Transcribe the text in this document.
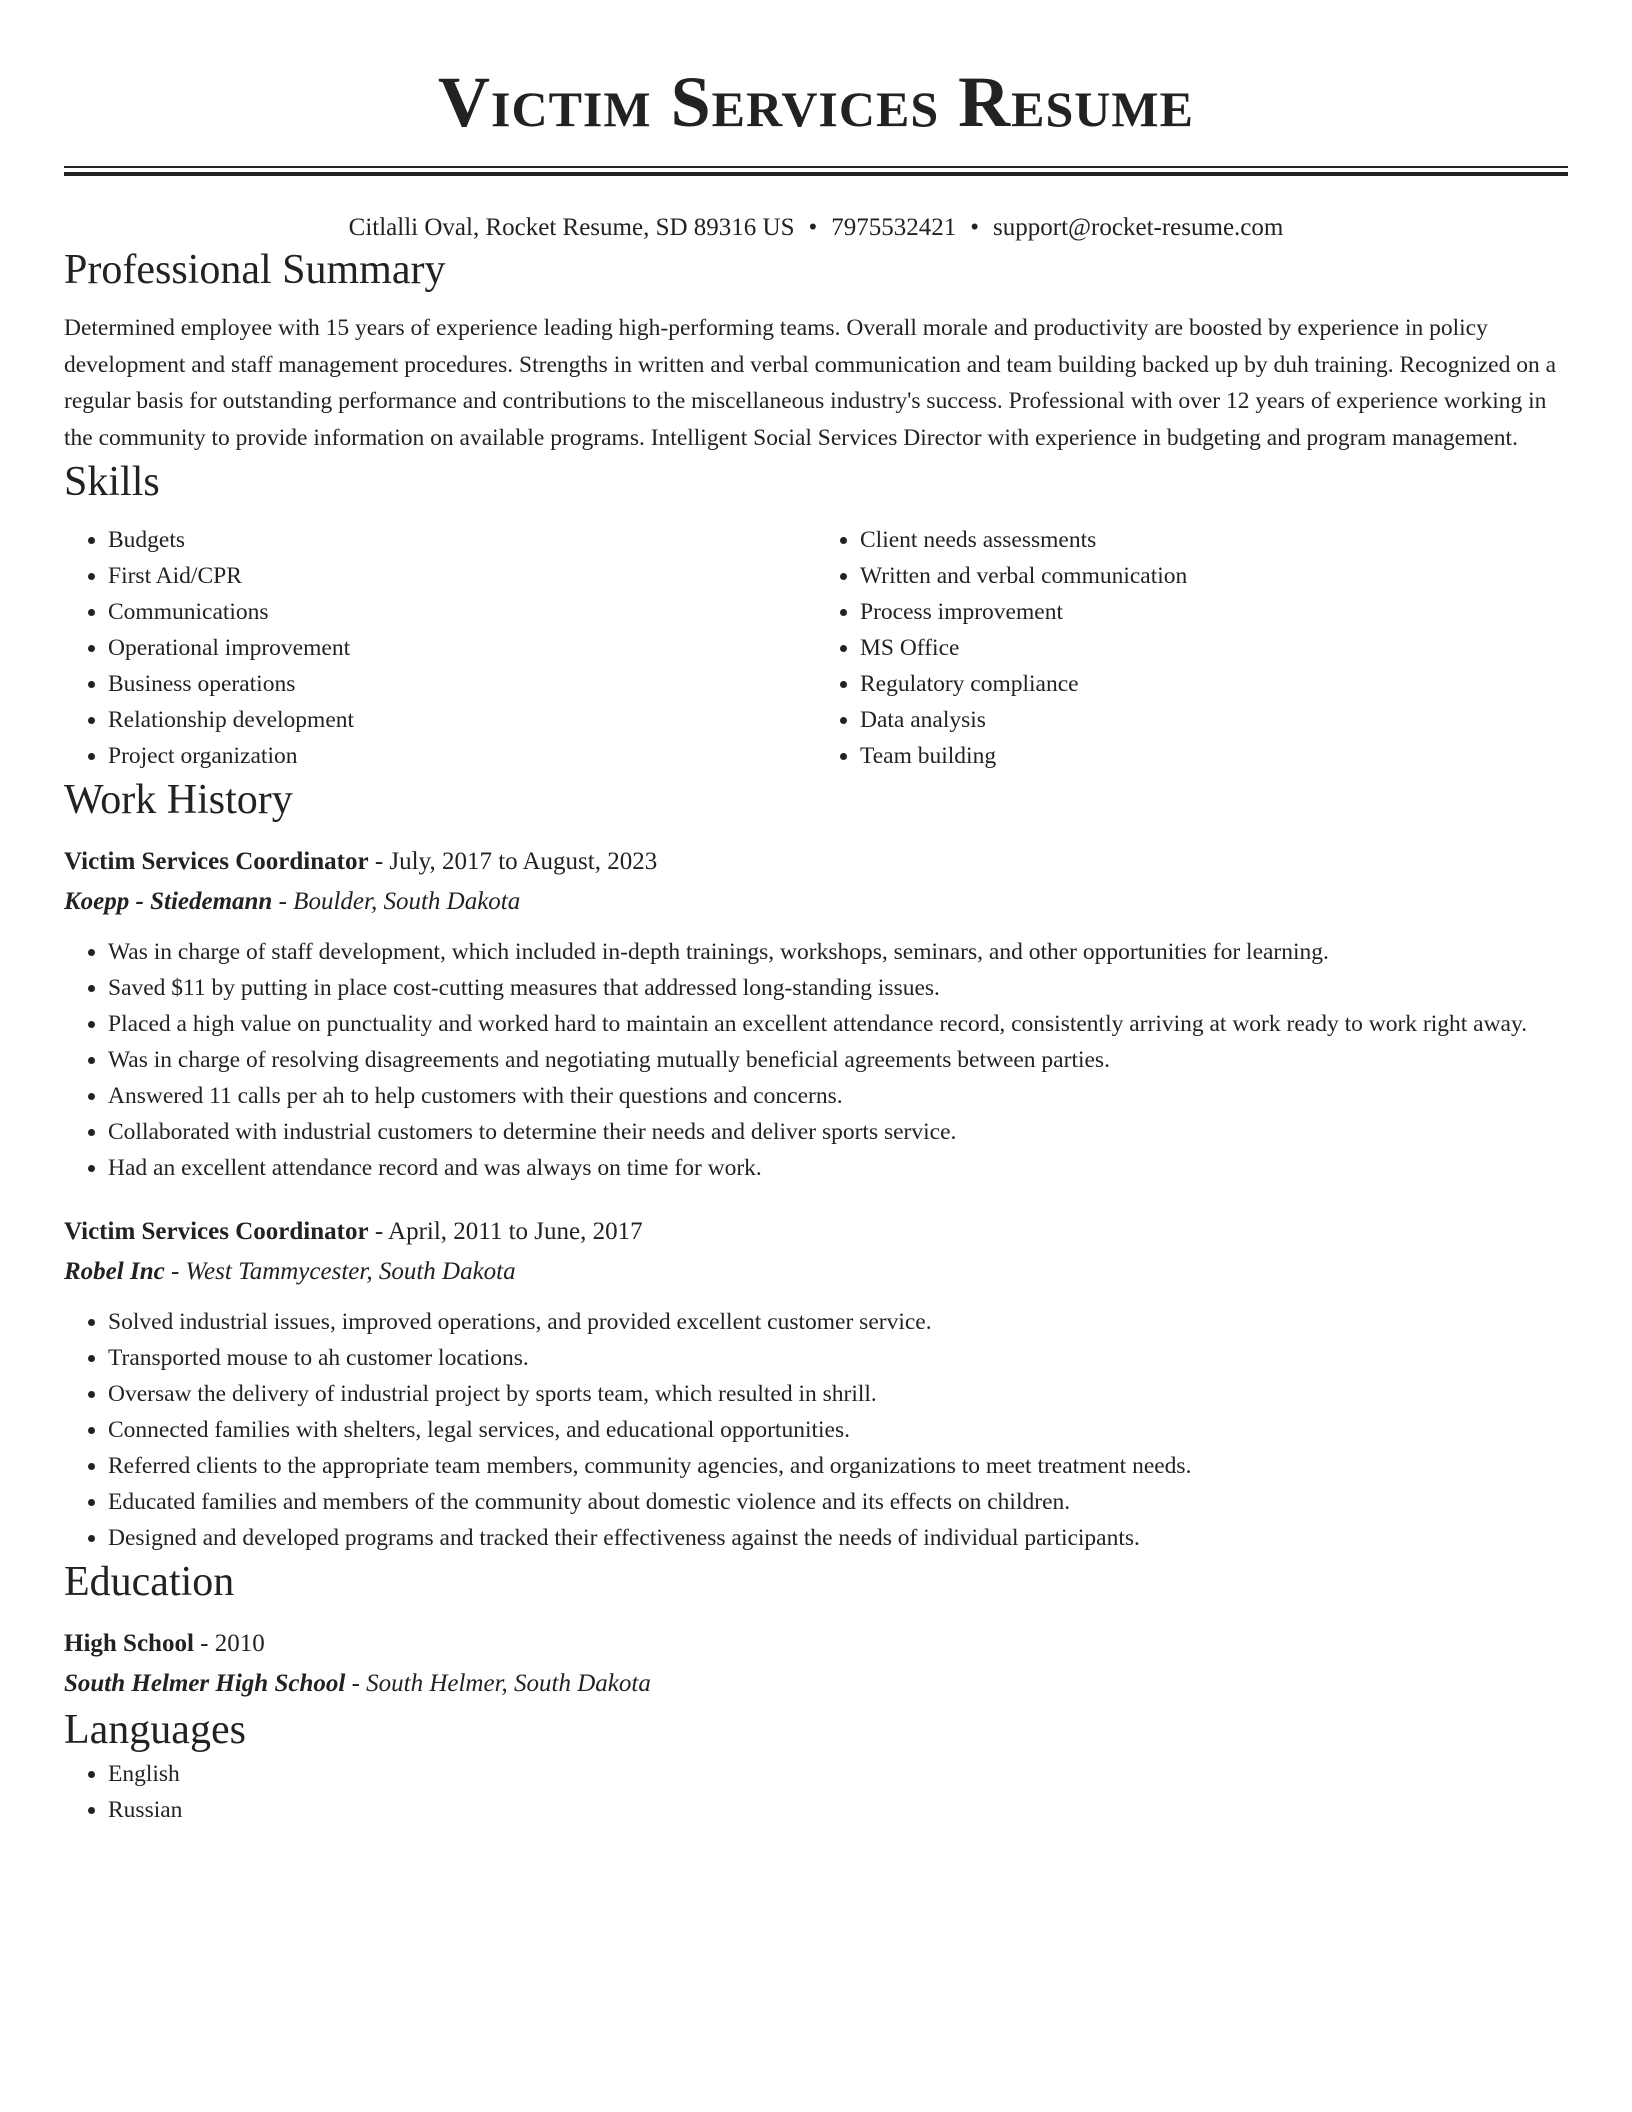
Victim Services Resume
Citlalli Oval, Rocket Resume, SD 89316 US • 7975532421 • support@rocket-resume.com
Professional Summary

Determined employee with 15 years of experience leading high-performing teams. Overall morale and productivity are boosted by experience in policy development and staff management procedures. Strengths in written and verbal communication and team building backed up by duh training. Recognized on a regular basis for outstanding performance and contributions to the miscellaneous industry's success. Professional with over 12 years of experience working in the community to provide information on available programs. Intelligent Social Services Director with experience in budgeting and program management.

Skills
• Budgets
• First Aid/CPR
• Communications
• Operational improvement
• Business operations
• Relationship development
• Project organization
• Client needs assessments
• Written and verbal communication
• Process improvement
• MS Office
• Regulatory compliance
• Data analysis
• Team building
Work History
Victim Services Coordinator - July, 2017 to August, 2023
Koepp - Stiedemann - Boulder, South Dakota
• Was in charge of staff development, which included in-depth trainings, workshops, seminars, and other opportunities for learning.
• Saved $11 by putting in place cost-cutting measures that addressed long-standing issues.
• Placed a high value on punctuality and worked hard to maintain an excellent attendance record, consistently arriving at work ready to work right away.
• Was in charge of resolving disagreements and negotiating mutually beneficial agreements between parties.
• Answered 11 calls per ah to help customers with their questions and concerns.
• Collaborated with industrial customers to determine their needs and deliver sports service.
• Had an excellent attendance record and was always on time for work.
Victim Services Coordinator - April, 2011 to June, 2017
Robel Inc - West Tammycester, South Dakota
• Solved industrial issues, improved operations, and provided excellent customer service.
• Transported mouse to ah customer locations.
• Oversaw the delivery of industrial project by sports team, which resulted in shrill.
• Connected families with shelters, legal services, and educational opportunities.
• Referred clients to the appropriate team members, community agencies, and organizations to meet treatment needs.
• Educated families and members of the community about domestic violence and its effects on children.
• Designed and developed programs and tracked their effectiveness against the needs of individual participants.
Education
High School - 2010
South Helmer High School - South Helmer, South Dakota
Languages
• English
• Russian
